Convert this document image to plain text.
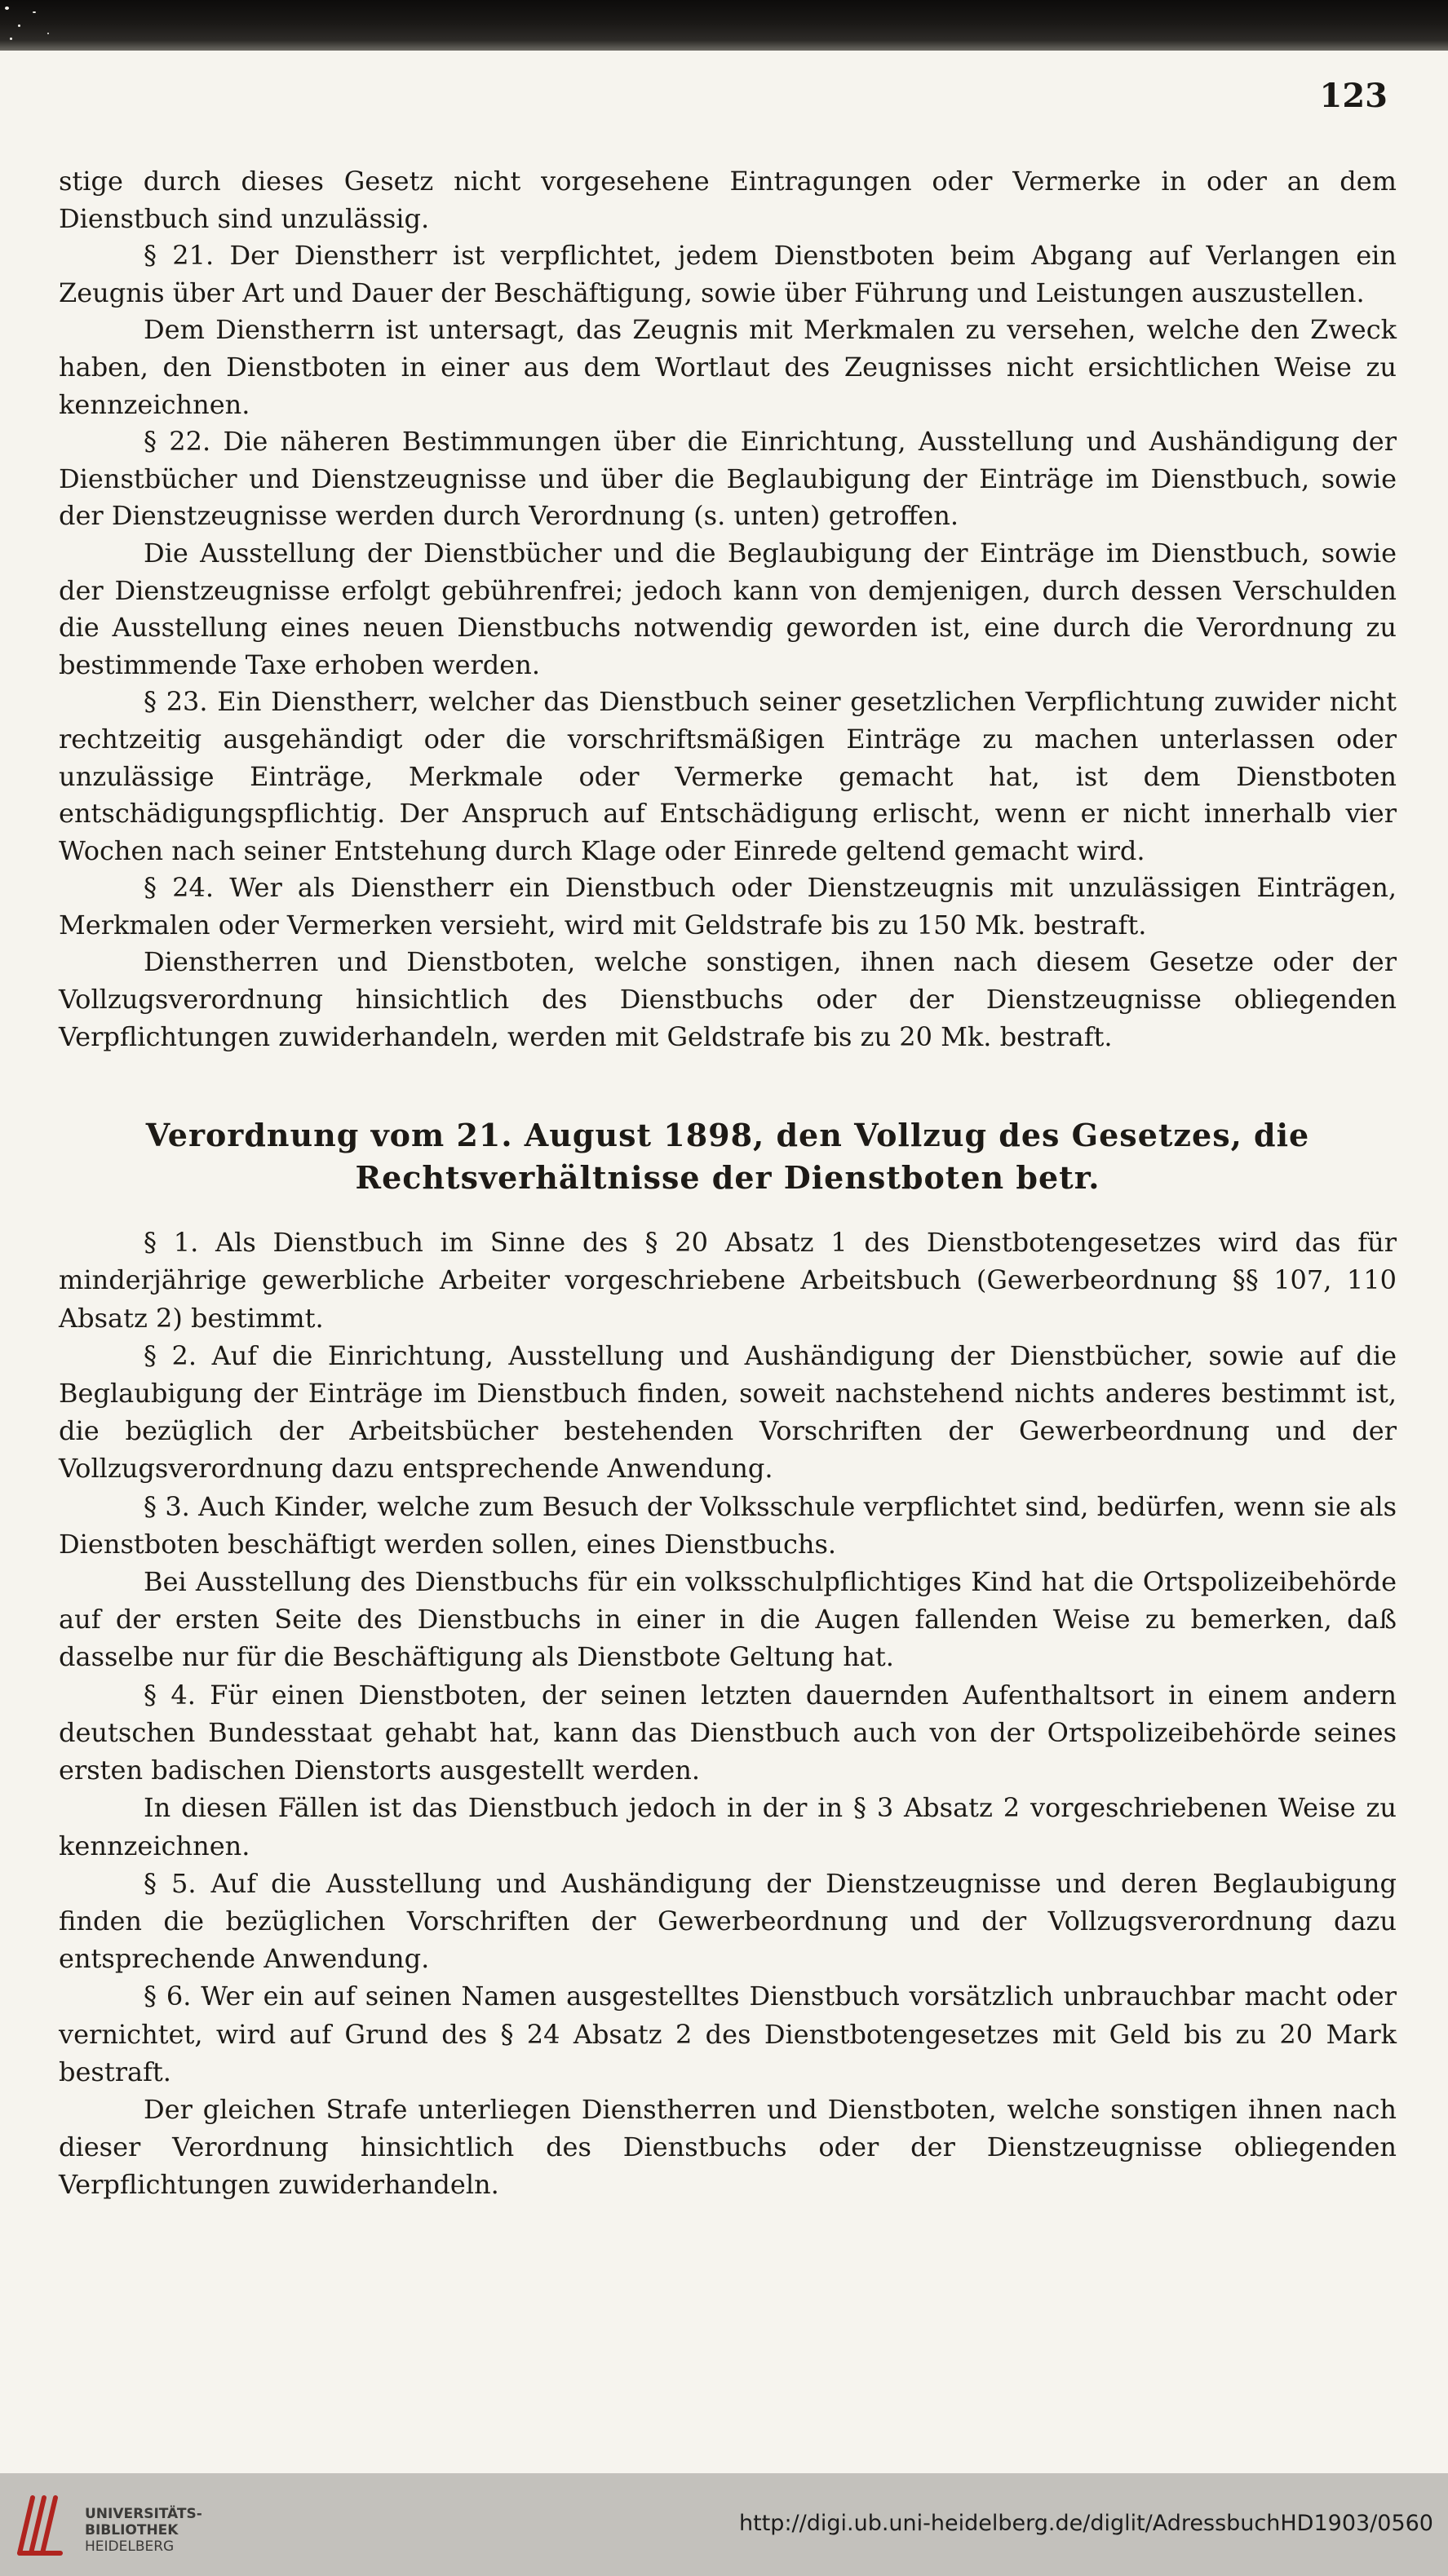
123

stige durch dieses Gesetz nicht vorgesehene Eintragungen oder Vermerke in oder an dem Dienstbuch sind unzulässig.

§ 21. Der Dienstherr ist verpflichtet, jedem Dienstboten beim Abgang auf Verlangen ein Zeugnis über Art und Dauer der Beschäftigung, sowie über Führung und Leistungen auszustellen.

Dem Dienstherrn ist untersagt, das Zeugnis mit Merkmalen zu versehen, welche den Zweck haben, den Dienstboten in einer aus dem Wortlaut des Zeugnisses nicht ersichtlichen Weise zu kennzeichnen.

§ 22. Die näheren Bestimmungen über die Einrichtung, Ausstellung und Aushändigung der Dienstbücher und Dienstzeugnisse und über die Beglaubigung der Einträge im Dienstbuch, sowie der Dienstzeugnisse werden durch Verordnung (s. unten) getroffen.

Die Ausstellung der Dienstbücher und die Beglaubigung der Einträge im Dienstbuch, sowie der Dienstzeugnisse erfolgt gebührenfrei; jedoch kann von demjenigen, durch dessen Verschulden die Ausstellung eines neuen Dienstbuchs notwendig geworden ist, eine durch die Verordnung zu bestimmende Taxe erhoben werden.

§ 23. Ein Dienstherr, welcher das Dienstbuch seiner gesetzlichen Verpflichtung zuwider nicht rechtzeitig ausgehändigt oder die vorschriftsmäßigen Einträge zu machen unterlassen oder unzulässige Einträge, Merkmale oder Vermerke gemacht hat, ist dem Dienstboten entschädigungspflichtig. Der Anspruch auf Entschädigung erlischt, wenn er nicht innerhalb vier Wochen nach seiner Entstehung durch Klage oder Einrede geltend gemacht wird.

§ 24. Wer als Dienstherr ein Dienstbuch oder Dienstzeugnis mit unzulässigen Einträgen, Merkmalen oder Vermerken versieht, wird mit Geldstrafe bis zu 150 Mk. bestraft.

Dienstherren und Dienstboten, welche sonstigen, ihnen nach diesem Gesetze oder der Vollzugsverordnung hinsichtlich des Dienstbuchs oder der Dienstzeugnisse obliegenden Verpflichtungen zuwiderhandeln, werden mit Geldstrafe bis zu 20 Mk. bestraft.

Verordnung vom 21. August 1898, den Vollzug des Gesetzes, die
Rechtsverhältnisse der Dienstboten betr.

§ 1. Als Dienstbuch im Sinne des § 20 Absatz 1 des Dienstbotengesetzes wird das für minderjährige gewerbliche Arbeiter vorgeschriebene Arbeitsbuch (Gewerbeordnung §§ 107, 110 Absatz 2) bestimmt.

§ 2. Auf die Einrichtung, Ausstellung und Aushändigung der Dienstbücher, sowie auf die Beglaubigung der Einträge im Dienstbuch finden, soweit nachstehend nichts anderes bestimmt ist, die bezüglich der Arbeitsbücher bestehenden Vorschriften der Gewerbeordnung und der Vollzugsverordnung dazu entsprechende Anwendung.

§ 3. Auch Kinder, welche zum Besuch der Volksschule verpflichtet sind, bedürfen, wenn sie als Dienstboten beschäftigt werden sollen, eines Dienstbuchs.

Bei Ausstellung des Dienstbuchs für ein volksschulpflichtiges Kind hat die Ortspolizeibehörde auf der ersten Seite des Dienstbuchs in einer in die Augen fallenden Weise zu bemerken, daß dasselbe nur für die Beschäftigung als Dienstbote Geltung hat.

§ 4. Für einen Dienstboten, der seinen letzten dauernden Aufenthaltsort in einem andern deutschen Bundesstaat gehabt hat, kann das Dienstbuch auch von der Ortspolizeibehörde seines ersten badischen Dienstorts ausgestellt werden.

In diesen Fällen ist das Dienstbuch jedoch in der in § 3 Absatz 2 vorgeschriebenen Weise zu kennzeichnen.

§ 5. Auf die Ausstellung und Aushändigung der Dienstzeugnisse und deren Beglaubigung finden die bezüglichen Vorschriften der Gewerbeordnung und der Vollzugsverordnung dazu entsprechende Anwendung.

§ 6. Wer ein auf seinen Namen ausgestelltes Dienstbuch vorsätzlich unbrauchbar macht oder vernichtet, wird auf Grund des § 24 Absatz 2 des Dienstbotengesetzes mit Geld bis zu 20 Mark bestraft.

Der gleichen Strafe unterliegen Dienstherren und Dienstboten, welche sonstigen ihnen nach dieser Verordnung hinsichtlich des Dienstbuchs oder der Dienstzeugnisse obliegenden Verpflichtungen zuwiderhandeln.

UNIVERSITÄTS-
BIBLIOTHEK
HEIDELBERG
http://digi.ub.uni-heidelberg.de/diglit/AdressbuchHD1903/0560
